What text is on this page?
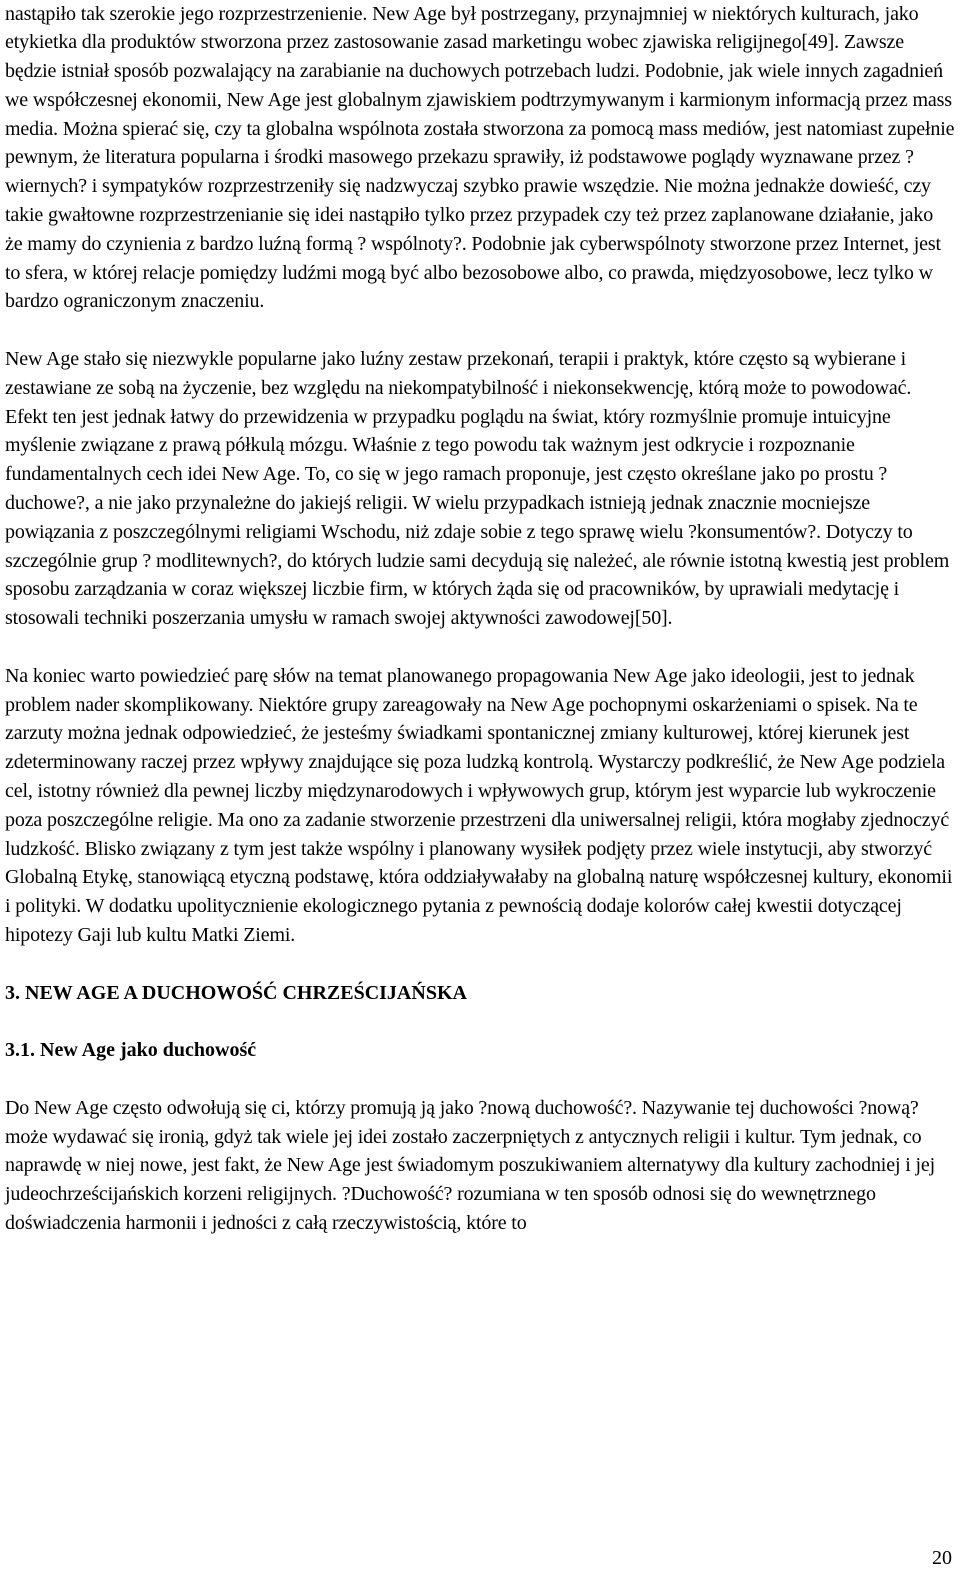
nastąpiło tak szerokie jego rozprzestrzenienie. New Age był postrzegany, przynajmniej w niektórych kulturach, jako etykietka dla produktów stworzona przez zastosowanie zasad marketingu wobec zjawiska religijnego[49]. Zawsze będzie istniał sposób pozwalający na zarabianie na duchowych potrzebach ludzi. Podobnie, jak wiele innych zagadnień we współczesnej ekonomii, New Age jest globalnym zjawiskiem podtrzymywanym i karmionym informacją przez mass media. Można spierać się, czy ta globalna wspólnota została stworzona za pomocą mass mediów, jest natomiast zupełnie pewnym, że literatura popularna i środki masowego przekazu sprawiły, iż podstawowe poglądy wyznawane przez ?wiernych? i sympatyków rozprzestrzeniły się nadzwyczaj szybko prawie wszędzie. Nie można jednakże dowieść, czy takie gwałtowne rozprzestrzenianie się idei nastąpiło tylko przez przypadek czy też przez zaplanowane działanie, jako że mamy do czynienia z bardzo luźną formą ? wspólnoty?. Podobnie jak cyberwspólnoty stworzone przez Internet, jest to sfera, w której relacje pomiędzy ludźmi mogą być albo bezosobowe albo, co prawda, międzyosobowe, lecz tylko w bardzo ograniczonym znaczeniu.

New Age stało się niezwykle popularne jako luźny zestaw przekonań, terapii i praktyk, które często są wybierane i zestawiane ze sobą na życzenie, bez względu na niekompatybilność i niekonsekwencję, którą może to powodować. Efekt ten jest jednak łatwy do przewidzenia w przypadku poglądu na świat, który rozmyślnie promuje intuicyjne myślenie związane z prawą półkulą mózgu. Właśnie z tego powodu tak ważnym jest odkrycie i rozpoznanie fundamentalnych cech idei New Age. To, co się w jego ramach proponuje, jest często określane jako po prostu ?duchowe?, a nie jako przynależne do jakiejś religii. W wielu przypadkach istnieją jednak znacznie mocniejsze powiązania z poszczególnymi religiami Wschodu, niż zdaje sobie z tego sprawę wielu ?konsumentów?. Dotyczy to szczególnie grup ? modlitewnych?, do których ludzie sami decydują się należeć, ale równie istotną kwestią jest problem sposobu zarządzania w coraz większej liczbie firm, w których żąda się od pracowników, by uprawiali medytację i stosowali techniki poszerzania umysłu w ramach swojej aktywności zawodowej[50].

Na koniec warto powiedzieć parę słów na temat planowanego propagowania New Age jako ideologii, jest to jednak problem nader skomplikowany. Niektóre grupy zareagowały na New Age pochopnymi oskarżeniami o spisek. Na te zarzuty można jednak odpowiedzieć, że jesteśmy świadkami spontanicznej zmiany kulturowej, której kierunek jest zdeterminowany raczej przez wpływy znajdujące się poza ludzką kontrolą. Wystarczy podkreślić, że New Age podziela cel, istotny również dla pewnej liczby międzynarodowych i wpływowych grup, którym jest wyparcie lub wykroczenie poza poszczególne religie. Ma ono za zadanie stworzenie przestrzeni dla uniwersalnej religii, która mogłaby zjednoczyć ludzkość. Blisko związany z tym jest także wspólny i planowany wysiłek podjęty przez wiele instytucji, aby stworzyć Globalną Etykę, stanowiącą etyczną podstawę, która oddziaływałaby na globalną naturę współczesnej kultury, ekonomii i polityki. W dodatku upolitycznienie ekologicznego pytania z pewnością dodaje kolorów całej kwestii dotyczącej hipotezy Gaji lub kultu Matki Ziemi.

3. NEW AGE A DUCHOWOŚĆ CHRZEŚCIJAŃSKA

3.1. New Age jako duchowość

Do New Age często odwołują się ci, którzy promują ją jako ?nową duchowość?. Nazywanie tej duchowości ?nową? może wydawać się ironią, gdyż tak wiele jej idei zostało zaczerpniętych z antycznych religii i kultur. Tym jednak, co naprawdę w niej nowe, jest fakt, że New Age jest świadomym poszukiwaniem alternatywy dla kultury zachodniej i jej judeochrześcijańskich korzeni religijnych. ?Duchowość? rozumiana w ten sposób odnosi się do wewnętrznego doświadczenia harmonii i jedności z całą rzeczywistością, które to

20
